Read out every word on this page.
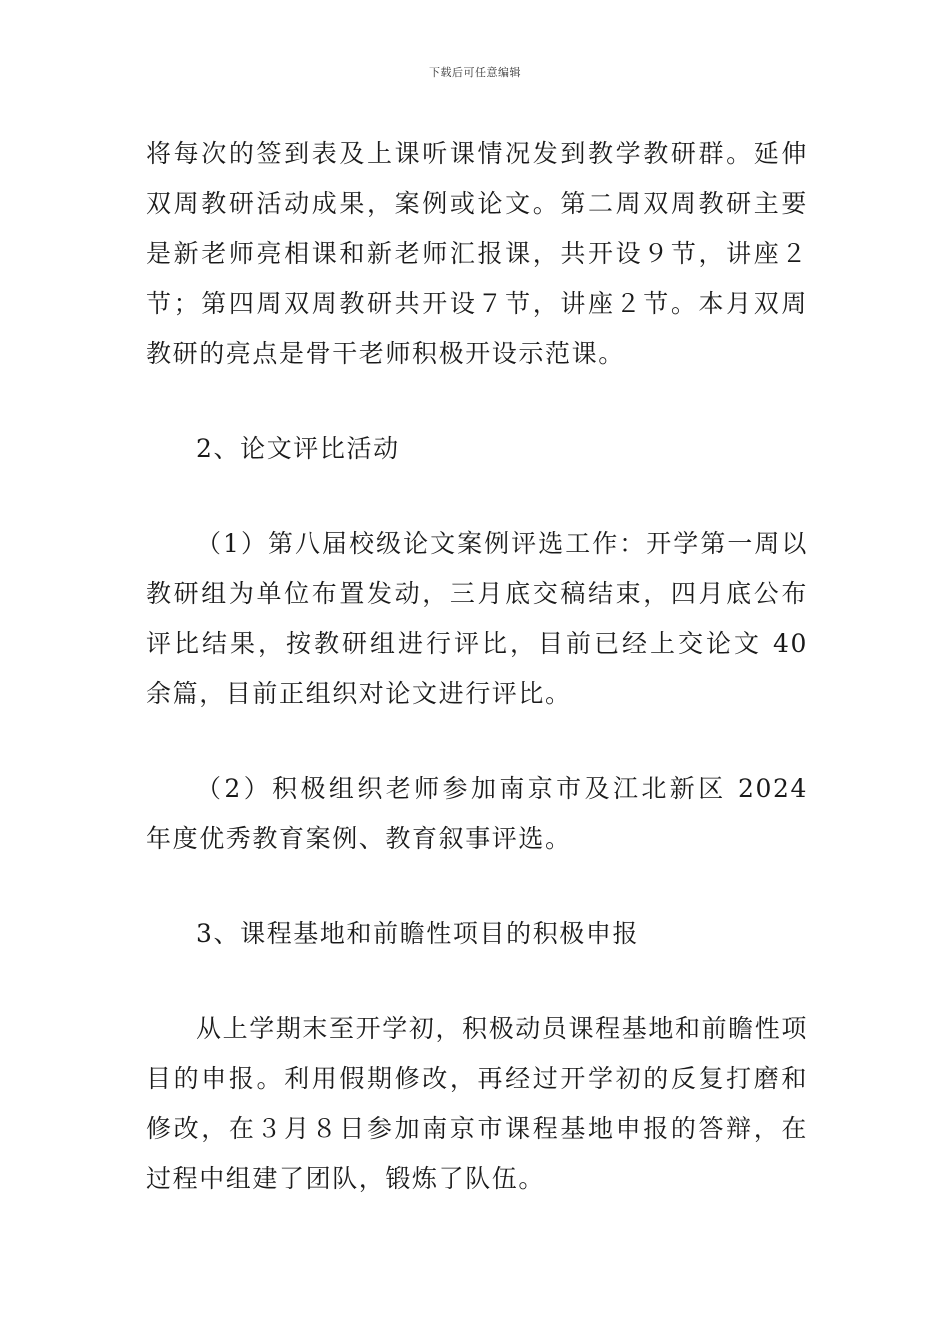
下载后可任意编辑

将每次的签到表及上课听课情况发到教学教研群。延伸双周教研活动成果，案例或论文。第二周双周教研主要是新老师亮相课和新老师汇报课，共开设９节，讲座２节；第四周双周教研共开设７节，讲座２节。本月双周教研的亮点是骨干老师积极开设示范课。

2、论文评比活动

（1）第八届校级论文案例评选工作：开学第一周以教研组为单位布置发动，三月底交稿结束，四月底公布评比结果，按教研组进行评比，目前已经上交论文 40 余篇，目前正组织对论文进行评比。

（2）积极组织老师参加南京市及江北新区 2024 年度优秀教育案例、教育叙事评选。

3、课程基地和前瞻性项目的积极申报

从上学期末至开学初，积极动员课程基地和前瞻性项目的申报。利用假期修改，再经过开学初的反复打磨和修改，在３月８日参加南京市课程基地申报的答辩，在过程中组建了团队，锻炼了队伍。
